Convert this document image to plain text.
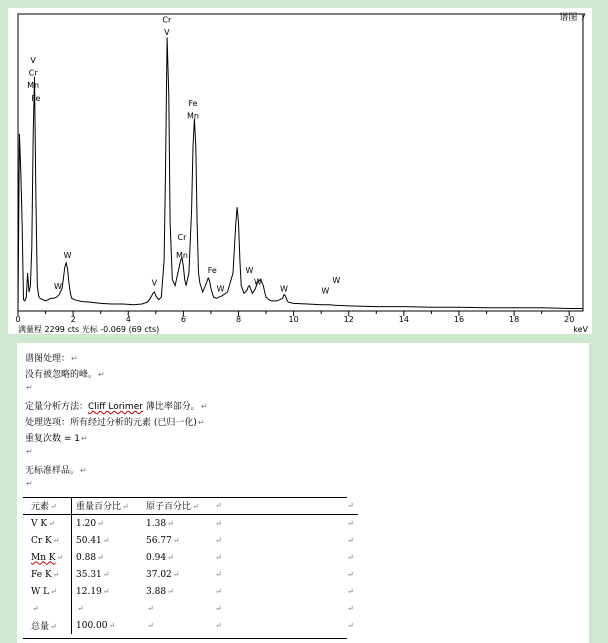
谱图 7
0	2	4	6	8	10	12	14	16	18	20
keV
满量程 2299 cts 光标 -0.069 (69 cts)
V
Cr
Mn
Fe
W
W
Cr
V
Fe
Mn
Cr
Mn
V
Fe
W
W
W
W	W
W
谱图处理：↵
没有被忽略的峰。↵
↵
定量分析方法：Cliff Lorimer 薄比率部分。↵
处理选项：所有经过分析的元素 (已归一化)↵
重复次数 = 1↵
↵
无标准样品。↵
↵
元素↵	重量百分比↵	原子百分比↵	↵	↵
V K↵	1.20↵	1.38↵	↵	↵
Cr K↵	50.41↵	56.77↵	↵	↵
Mn K↵	0.88↵	0.94↵	↵	↵
Fe K↵	35.31↵	37.02↵	↵	↵
W L↵	12.19↵	3.88↵	↵	↵
↵	↵	↵	↵	↵
总量↵	100.00↵	↵	↵	↵
